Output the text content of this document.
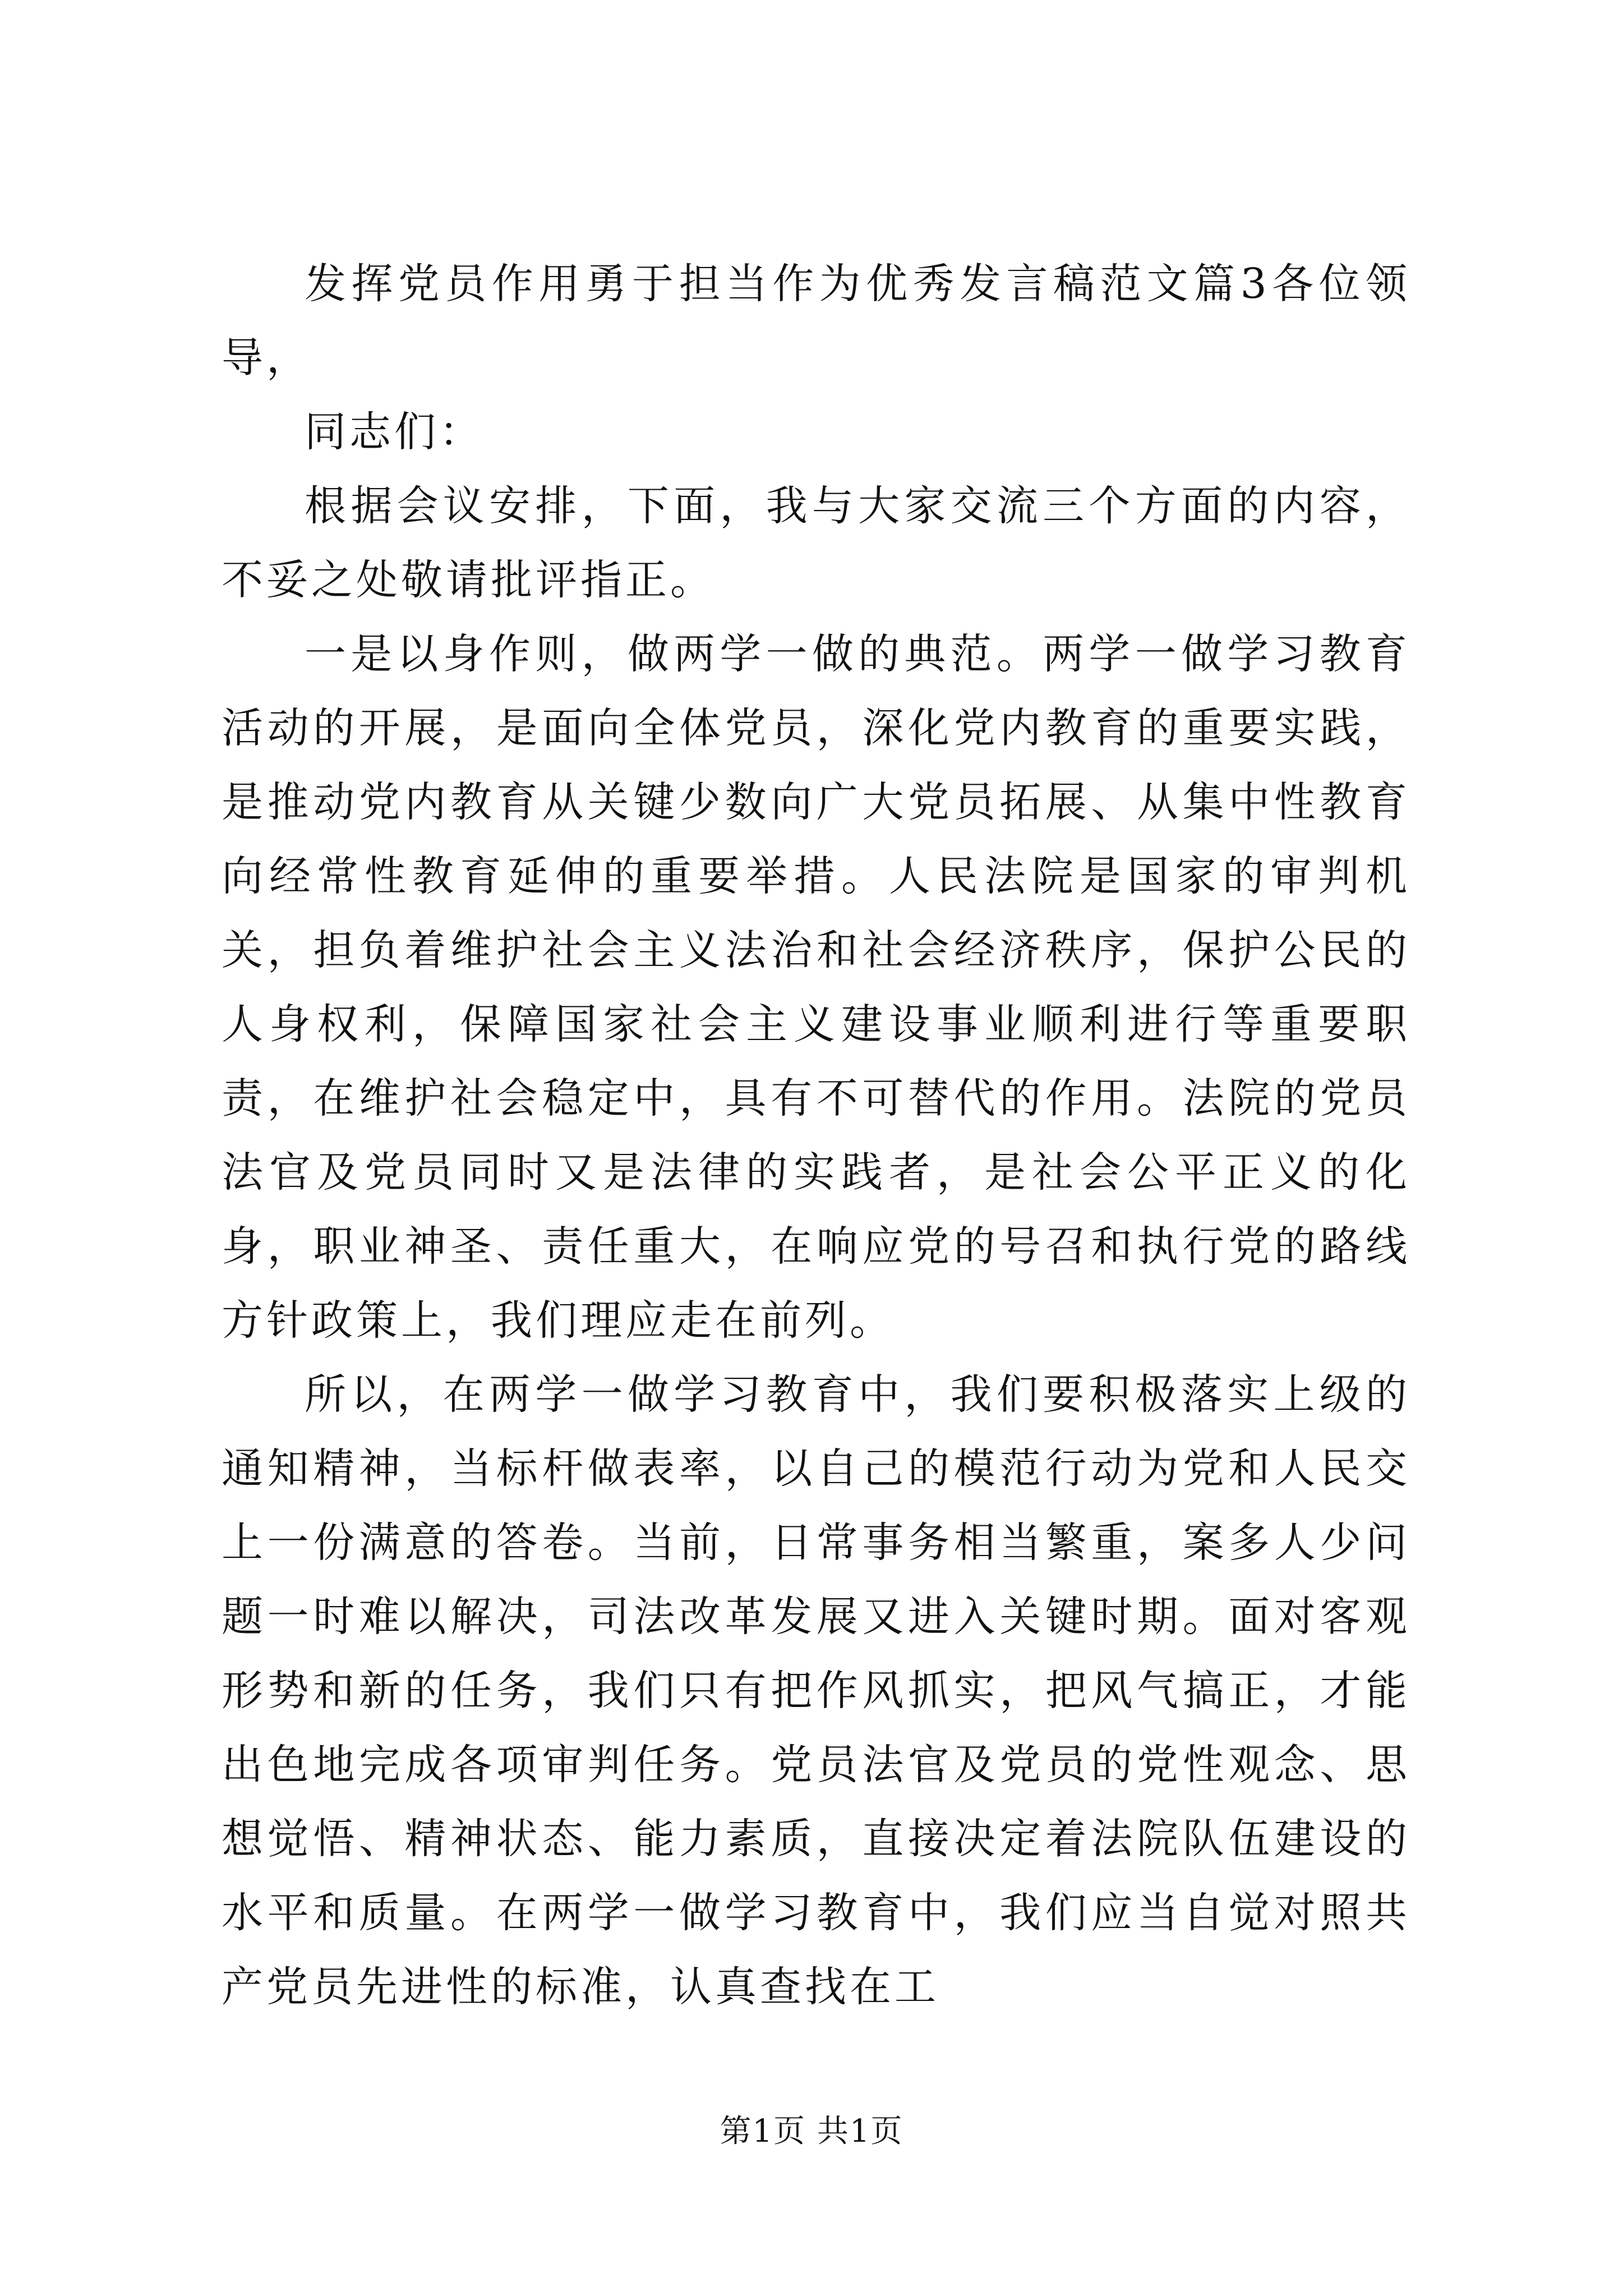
发挥党员作用勇于担当作为优秀发言稿范文篇3各位领导，

同志们：

根据会议安排，下面，我与大家交流三个方面的内容，不妥之处敬请批评指正。

一是以身作则，做两学一做的典范。两学一做学习教育活动的开展，是面向全体党员，深化党内教育的重要实践，是推动党内教育从关键少数向广大党员拓展、从集中性教育向经常性教育延伸的重要举措。人民法院是国家的审判机关，担负着维护社会主义法治和社会经济秩序，保护公民的人身权利，保障国家社会主义建设事业顺利进行等重要职责，在维护社会稳定中，具有不可替代的作用。法院的党员法官及党员同时又是法律的实践者，是社会公平正义的化身，职业神圣、责任重大，在响应党的号召和执行党的路线方针政策上，我们理应走在前列。

所以，在两学一做学习教育中，我们要积极落实上级的通知精神，当标杆做表率，以自己的模范行动为党和人民交上一份满意的答卷。当前，日常事务相当繁重，案多人少问题一时难以解决，司法改革发展又进入关键时期。面对客观形势和新的任务，我们只有把作风抓实，把风气搞正，才能出色地完成各项审判任务。党员法官及党员的党性观念、思想觉悟、精神状态、能力素质，直接决定着法院队伍建设的水平和质量。在两学一做学习教育中，我们应当自觉对照共产党员先进性的标准，认真查找在工

第1页 共1页
